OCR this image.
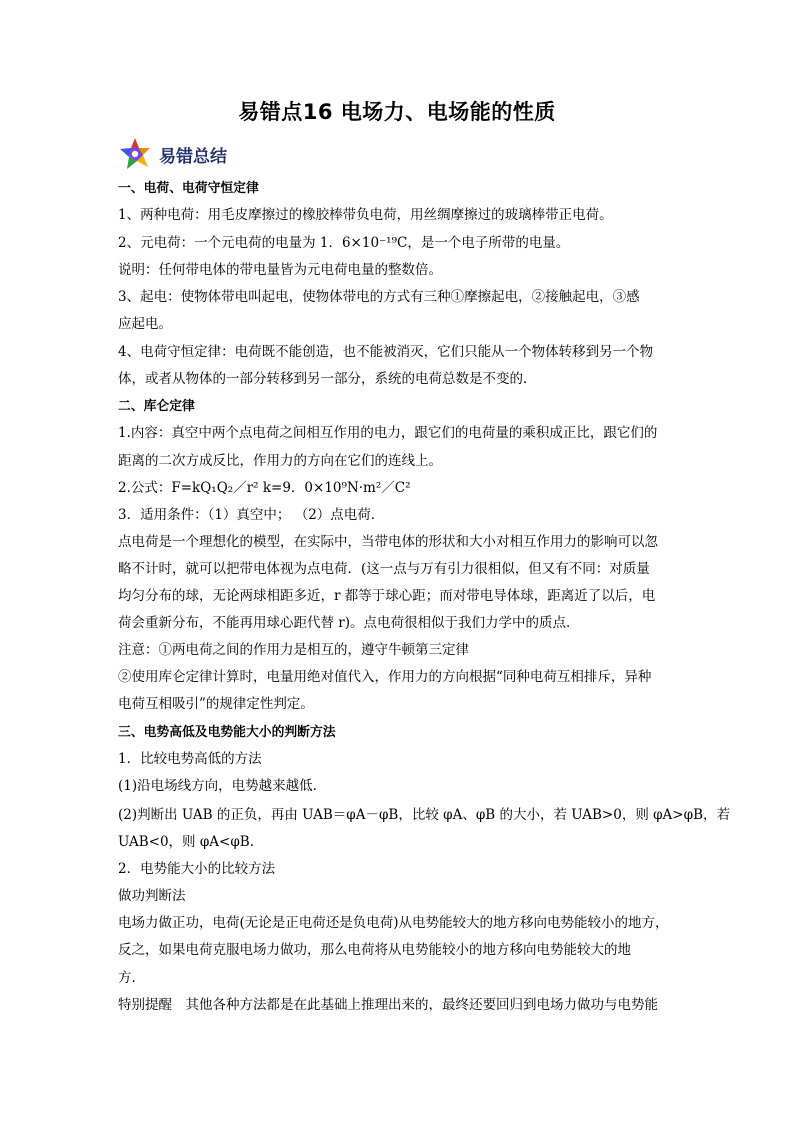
易错点16 电场力、电场能的性质
易错总结
一、电荷、电荷守恒定律
1、两种电荷：用毛皮摩擦过的橡胶棒带负电荷，用丝绸摩擦过的玻璃棒带正电荷。
2、元电荷：一个元电荷的电量为 1．6×10⁻¹⁹C，是一个电子所带的电量。
说明：任何带电体的带电量皆为元电荷电量的整数倍。
3、起电：使物体带电叫起电，使物体带电的方式有三种①摩擦起电，②接触起电，③感
应起电。
4、电荷守恒定律：电荷既不能创造，也不能被消灭，它们只能从一个物体转移到另一个物
体，或者从物体的一部分转移到另一部分，系统的电荷总数是不变的．
二、库仑定律
1.内容：真空中两个点电荷之间相互作用的电力，跟它们的电荷量的乘积成正比，跟它们的
距离的二次方成反比，作用力的方向在它们的连线上。
2.公式：F=kQ₁Q₂／r² k=9．0×10⁹N·m²／C²
3．适用条件：（1）真空中； （2）点电荷．
点电荷是一个理想化的模型，在实际中，当带电体的形状和大小对相互作用力的影响可以忽
略不计时，就可以把带电体视为点电荷．(这一点与万有引力很相似，但又有不同：对质量
均匀分布的球，无论两球相距多近，r 都等于球心距；而对带电导体球，距离近了以后，电
荷会重新分布，不能再用球心距代替 r)。点电荷很相似于我们力学中的质点．
注意：①两电荷之间的作用力是相互的，遵守牛顿第三定律
②使用库仑定律计算时，电量用绝对值代入，作用力的方向根据“同种电荷互相排斥，异种
电荷互相吸引”的规律定性判定。
三、电势高低及电势能大小的判断方法
1．比较电势高低的方法
(1)沿电场线方向，电势越来越低．
(2)判断出 UAB 的正负，再由 UAB＝φA－φB，比较 φA、φB 的大小，若 UAB>0，则 φA>φB，若
UAB<0，则 φA<φB.
2．电势能大小的比较方法
做功判断法
电场力做正功，电荷(无论是正电荷还是负电荷)从电势能较大的地方移向电势能较小的地方，
反之，如果电荷克服电场力做功，那么电荷将从电势能较小的地方移向电势能较大的地
方．
特别提醒　其他各种方法都是在此基础上推理出来的，最终还要回归到电场力做功与电势能
